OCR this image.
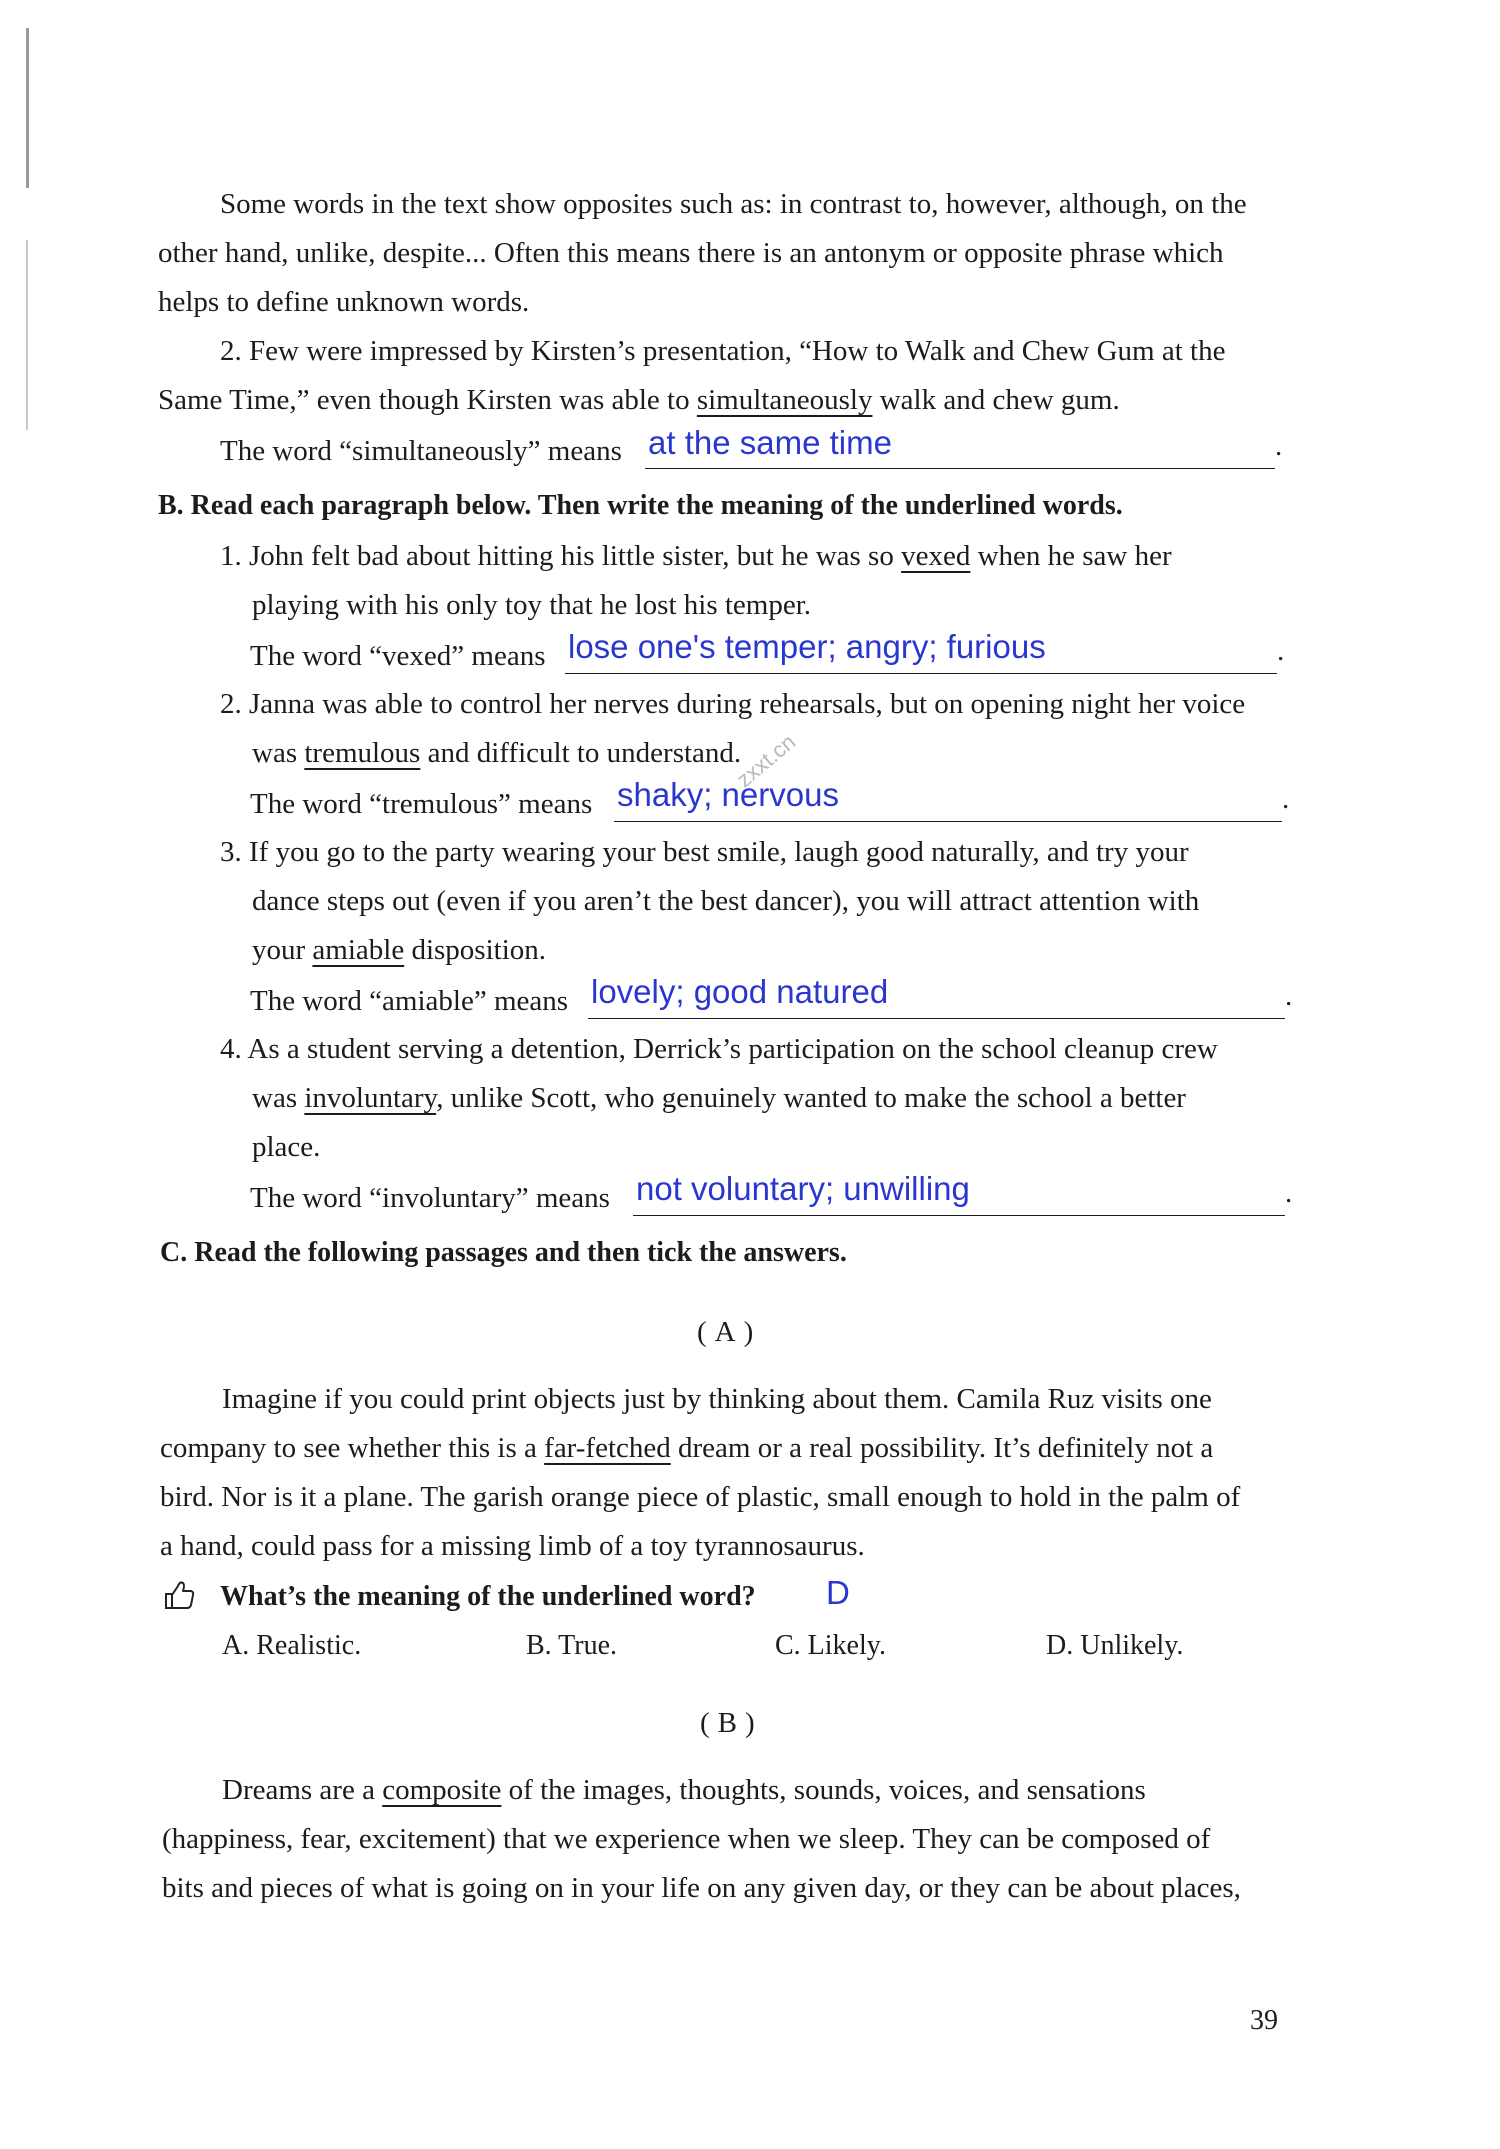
Some words in the text show opposites such as: in contrast to, however, although, on the
other hand, unlike, despite... Often this means there is an antonym or opposite phrase which
helps to define unknown words.
2. Few were impressed by Kirsten’s presentation, “How to Walk and Chew Gum at the
Same Time,” even though Kirsten was able to simultaneously walk and chew gum.
The word “simultaneously” means	.
at the same time
B. Read each paragraph below. Then write the meaning of the underlined words.
1. John felt bad about hitting his little sister, but he was so vexed when he saw her
playing with his only toy that he lost his temper.
The word “vexed” means	.
lose one's temper; angry; furious
2. Janna was able to control her nerves during rehearsals, but on opening night her voice
was tremulous and difficult to understand.
zxxt.cn
The word “tremulous” means	.
shaky; nervous
3. If you go to the party wearing your best smile, laugh good naturally, and try your
dance steps out (even if you aren’t the best dancer), you will attract attention with
your amiable disposition.
The word “amiable” means	.
lovely; good natured
4. As a student serving a detention, Derrick’s participation on the school cleanup crew
was involuntary, unlike Scott, who genuinely wanted to make the school a better
place.
The word “involuntary” means	.
not voluntary; unwilling
C. Read the following passages and then tick the answers.
(A)
Imagine if you could print objects just by thinking about them. Camila Ruz visits one
company to see whether this is a far-fetched dream or a real possibility. It’s definitely not a
bird. Nor is it a plane. The garish orange piece of plastic, small enough to hold in the palm of
a hand, could pass for a missing limb of a toy tyrannosaurus.
What’s the meaning of the underlined word? D
A. Realistic.	B. True.	C. Likely.	D. Unlikely.
(B)
Dreams are a composite of the images, thoughts, sounds, voices, and sensations
(happiness, fear, excitement) that we experience when we sleep. They can be composed of
bits and pieces of what is going on in your life on any given day, or they can be about places,
39
